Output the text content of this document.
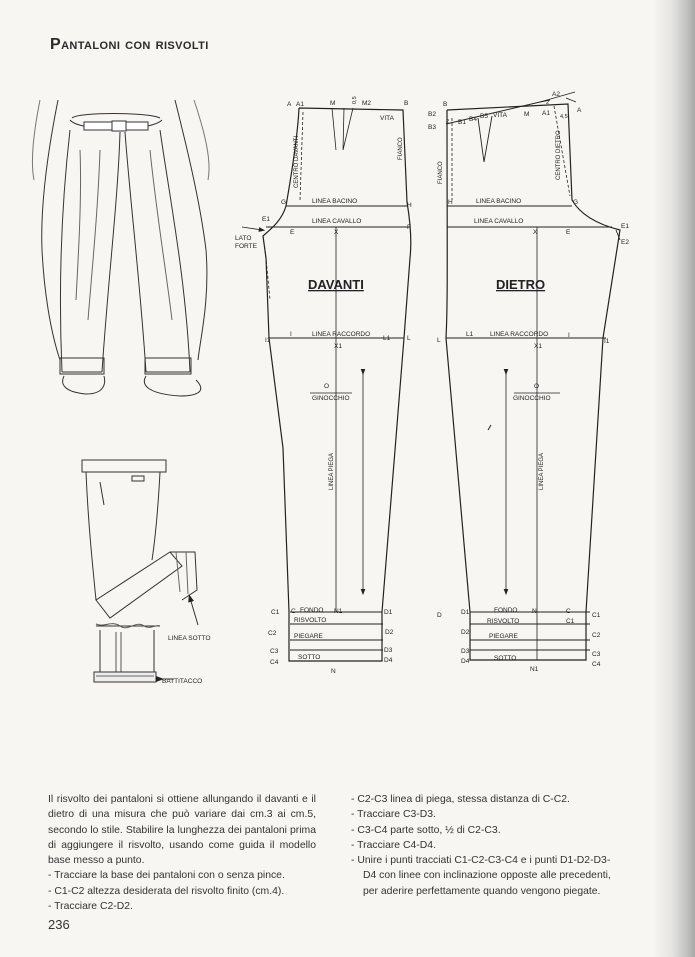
Pantaloni con risvolti
LINEA SOTTO
BATTITACCO
DAVANTI
A A1	M	M2	B
0,5
VITA
CENTRO DAVANTI	FIANCO
G	H
LINEA BACINO
E1
E
LINEA CAVALLO
X
F
LATO
FORTE
I1
I	LINEA RACCORDO
X1
L1	L
O
GINOCCHIO
LINEA PIEGA
C1 C FONDO N1	D1
RISVOLTO
C2	D2
PIEGARE
C3
C4
D3
D4
SOTTO
N
DIETRO
B
B2
B3
2 B1 B4 B5 VITA	M A1
A2
2
A
4,5
FIANCO	CENTRO DIETRO
H	LINEA BACINO	G
LINEA CAVALLO
X	E
E1
E2
L
L1	LINEA RACCORDO
X1
I
I1
O
GINOCCHIO
LINEA PIEGA
D	D1	FONDO N	C
C1
C1
RISVOLTO
D2	C2
PIEGARE
D3	C3
D4	C4
SOTTO
N1

Il risvolto dei pantaloni si ottiene allungando il davanti e il dietro di una misura che può variare dai cm.3 ai cm.5, secondo lo stile. Stabilire la lunghezza dei pantaloni prima di aggiungere il risvolto, usando come guida il modello base messo a punto.

- Tracciare la base dei pantaloni con o senza pince.
- C1-C2 altezza desiderata del risvolto finito (cm.4).
- Tracciare C2-D2.
- C2-C3 linea di piega, stessa distanza di C-C2.
- Tracciare C3-D3.
- C3-C4 parte sotto, ½ di C2-C3.
- Tracciare C4-D4.
- Unire i punti tracciati C1-C2-C3-C4 e i punti D1-D2-D3-D4 con linee con inclinazione opposte alle precedenti, per aderire perfettamente quando vengono piegate.
236
